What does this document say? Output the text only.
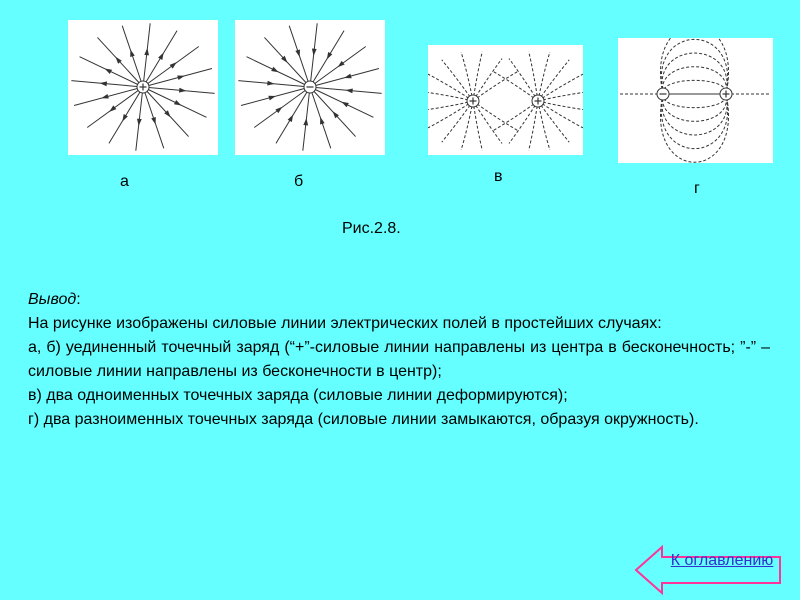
а	б	в
г
Рис.2.8.

Вывод:

На рисунке изображены силовые линии электрических полей в простейших случаях:

а, б) уединенный точечный заряд (“+”-силовые линии направлены из центра в бесконечность; ”-” – силовые линии направлены из бесконечности в центр);

в) два одноименных точечных заряда (силовые линии деформируются);

г) два разноименных точечных заряда (силовые линии замыкаются, образуя окружность).

К оглавлению
